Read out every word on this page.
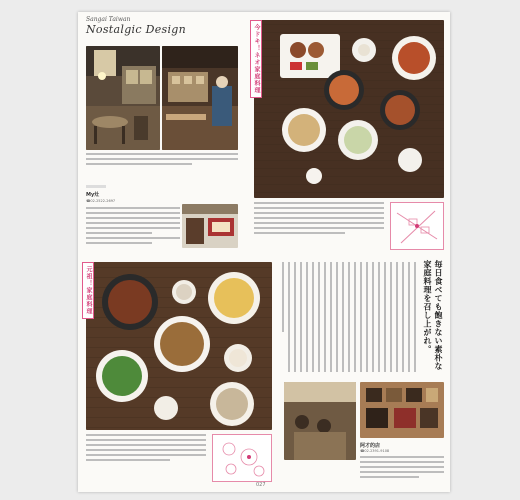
Sangai Taiwan
Nostalgic Design
My灶
☎02-2522-2697
今ドキ！ネオ家庭料理
元祖！家庭料理	毎日食べても飽きない素朴な家庭料理を召し上がれ。
阿才的店
☎02-2391-9108
027
